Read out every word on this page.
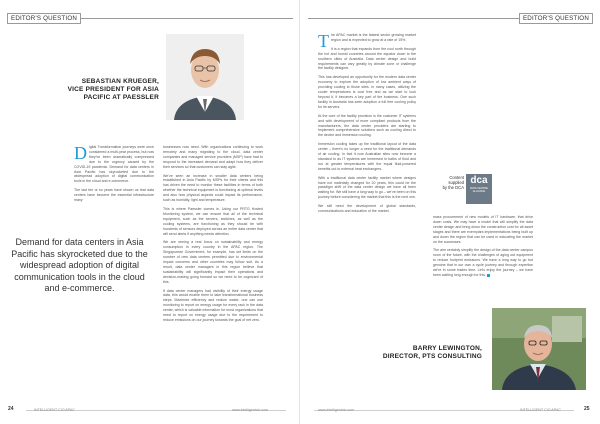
EDITOR'S QUESTION
SEBASTIAN KRUEGER,
VICE PRESIDENT FOR ASIA
PACIFIC AT PAESSLER

Digital Transformation journeys were once considered a multi-year process, but now they've been dramatically compressed due to the urgency caused by the COVID-19 pandemic. Demand for data centers in Asia Pacific has skyrocketed due to the widespread adoption of digital communication tools in the cloud and e-commerce.

The last ten or so years have shown us that data centers have become the essential infrastructure many

Demand for data centers in Asia Pacific has skyrocketed due to the widespread adoption of digital communication tools in the cloud and e-commerce.

businesses now need. With organizations continuing to work remotely and many migrating to the cloud, data center companies and managed service providers (MSP) have had to respond to the increased demand and adapt how they deliver their services so that customers can stay agile.

We've seen an increase in smaller data centers being established in Asia Pacific by MSPs for their clients and this has driven the need to monitor these facilities in terms of both whether the technical equipment is functioning at optimal levels and also how physical aspects could impact its performance, such as humidity, light and temperature.

This is where Paessler comes in. Using our PRTG Hosted Monitoring system, we can ensure that all of the technical equipment, such as the servers, switches, as well as the cooling systems, are functioning as they should be with hundreds of sensors deployed across an entire data center that will send alerts if anything needs attention.

We are seeing a real focus on sustainability and energy consumption in every country in the APAC region. The Singaporean Government, for example, has set limits on the number of new data centers permitted due to environmental impact concerns and other countries may follow suit. As a result, data center managers in this region believe that sustainability will significantly impact their operations and decision-making going forward so we need to be cognizant of this.

If data center managers had visibility of their energy usage data, this would enable them to take transformational business steps. Maximize efficiency and reduce waste, one can use monitoring to report on energy usage for every rack in the data center, which is valuable information for most organizations that need to report on energy usage due to the requirement to reduce emissions on our journey towards the goal of net zero.

24	INTELLIGENT CIO APAC	www.intelligentcio.com
EDITOR'S QUESTION

The APAC market is the fastest sector growing market region and is expected to grow at a rate of 15%.

It is a region that expands from the cool north through the hot and humid countries around the equator down to the southern cities of Australia. Data center design and build requirements can vary greatly by climate zone or challenge the facility designer.

This has developed an opportunity for the modern data center economy to explore the adoption of low ambient ways of providing cooling to those sites. In many cases, utilizing the cooler temperatures is cost free and as we start to look beyond it, it becomes a key part of the business. One such facility in Australia has seen adoption a full free cooling policy for its servers.

At the core of the facility provision is the customer IT systems and with development of more compliant products from the manufacturers, the data center providers are starting to implement comprehensive solutions such as cooling direct to the device and immersion cooling.

Immersion cooling takes up the traditional layout of the data center – there's no longer a need for the traditional demands of air cooling. In fact it now Australian sites now become a standard to as IT systems are immersed in baths of fluid and run at greater temperatures with the equal fluid-powered benefits out to external heat exchangers.

With a traditional data center facility market where designs have not materially changed for 20 years, this could be the paradigm shift of the data center design we have all been waiting for. We still have a long way to go – we've been on this journey before considering the market that this is the next one.

We still need the development of global standards, communications and education of the market.

mass procurement of new models of IT hardware, that drive down costs. We may have a model that will simplify the data center design and bring down the construction cost for all asset stages and there are exemplars implementations being built up and down the region that can be used in educating the market on the successes.

The aim certainly simplify the design of the data center campus room of the future, with the challenges of aging out equipment to reduce footprint emissions. We have a long way to go but genuine that in our own a cycle journey and through expertise we're in some trades time. Let's enjoy the journey – we have been waiting long enough for this.

BARRY LEWINGTON,
DIRECTOR, PTS CONSULTING
www.intelligentcio.com	INTELLIGENT CIO APAC	25
Content
supplied
by the DCA
dca
DATA CENTRE ALLIANCE
